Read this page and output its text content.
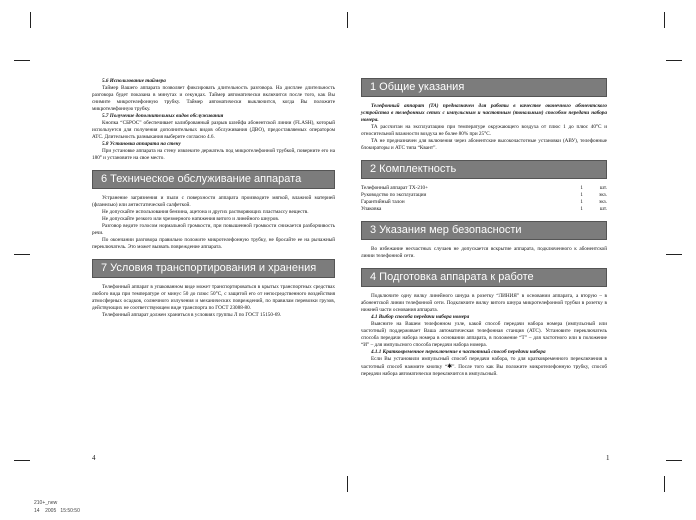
5.6 Использование таймера
Таймер Вашего аппарата позволяет фиксировать длительность разговора. На дисплее длительность разговора будет показана в минутах и секундах. Таймер автоматически включится после того, как Вы снимите микротелефонную трубку. Таймер автоматически выключится, когда Вы положите микротелефонную трубку.
5.7 Получение дополнительных видов обслуживания
Кнопка “СБРОС” обеспечивает калиброванный разрыв шлейфа абонентской линии (FLASH), который используется для получения дополнительных видов обслуживания (ДВО), предоставляемых оператором АТС. Длительность размыкания выберите согласно 4.6.
5.8 Установка аппарата на стену
При установке аппарата на стену извлеките держатель под микротелефонной трубкой, поверните его на 180° и установите на свое место.
6 Техническое обслуживание аппарата
Устранение загрязнения и пыли с поверхности аппарата производите мягкой, влажной материей (фланелью) или антистатической салфеткой.
Не допускайте использования бензина, ацетона и других растворяющих пластмассу веществ.
Не допускайте резкого или чрезмерного натяжения витого и линейного шнуров.
Разговор ведите голосом нормальной громкости, при повышенной громкости снижается разборчивость речи.
По окончании разговора правильно положите микротелефонную трубку, не бросайте ее на рычажный переключатель. Это может вызвать повреждение аппарата.
7 Условия транспортирования и хранения
Телефонный аппарат в упакованном виде может транспортироваться в крытых транспортных средствах любого вида при температуре от минус 50 до плюс 50°С, с защитой его от непосредственного воздействия атмосферных осадков, солнечного излучения и механических повреждений, по правилам перевозки грузов, действующих не соответствующем виде транспорта по ГОСТ 23088-80.
Телефонный аппарат должен храниться в условиях группы Л по ГОСТ 15150-69.
4
1 Общие указания
Телефонный аппарат (ТА) предназначен для работы в качестве оконечного абонентского устройства в телефонных сетях с импульсным и частотным (тональным) способом передачи набора номера.
ТА рассчитан на эксплуатацию при температуре окружающего воздуха от плюс 1 до плюс 40°С и относительной влажности воздуха не более 80% при 25°С.
ТА не предназначен для включения через абонентские высокочастотные установки (АВУ), телефонные блокираторы и АТС типа “Квант”.
2 Комплектность
Телефонный аппарат ТХ-210+	1	шт.
Руководство по эксплуатации	1	экз.
Гарантийный талон	1	экз.
Упаковка	1	шт.
3 Указания мер безопасности
Во избежание несчастных случаев не допускается вскрытие аппарата, подключенного к абонентской линии телефонной сети.
4 Подготовка аппарата к работе
Подключите одну вилку линейного шнура в розетку “ЛИНИЯ” в основании аппарата, а вторую – в абонентской линии телефонной сети. Подключите вилку витого шнура микротелефонной трубки в розетку в нижней части основания аппарата.
4.1 Выбор способа передачи набора номера
Выясните на Вашем телефонном узле, какой способ передачи набора номера (импульсный или частотный) поддерживает Ваша автоматическая телефонная станция (АТС). Установите переключатель способа передачи набора номера в основании аппарата, в положение “T” – для частотного или в положение “И” – для импульсного способа передачи набора номера.
4.1.1 Кратковременное переключение в частотный способ передачи набора
Если Вы установили импульсный способ передачи набора, то для кратковременного переключения в частотный способ нажмите кнопку “✱”. После того как Вы положите микротелефонную трубку, способ передачи набора автоматически переключится в импульсный.
1
210+_new
14    2005   15:50:50
